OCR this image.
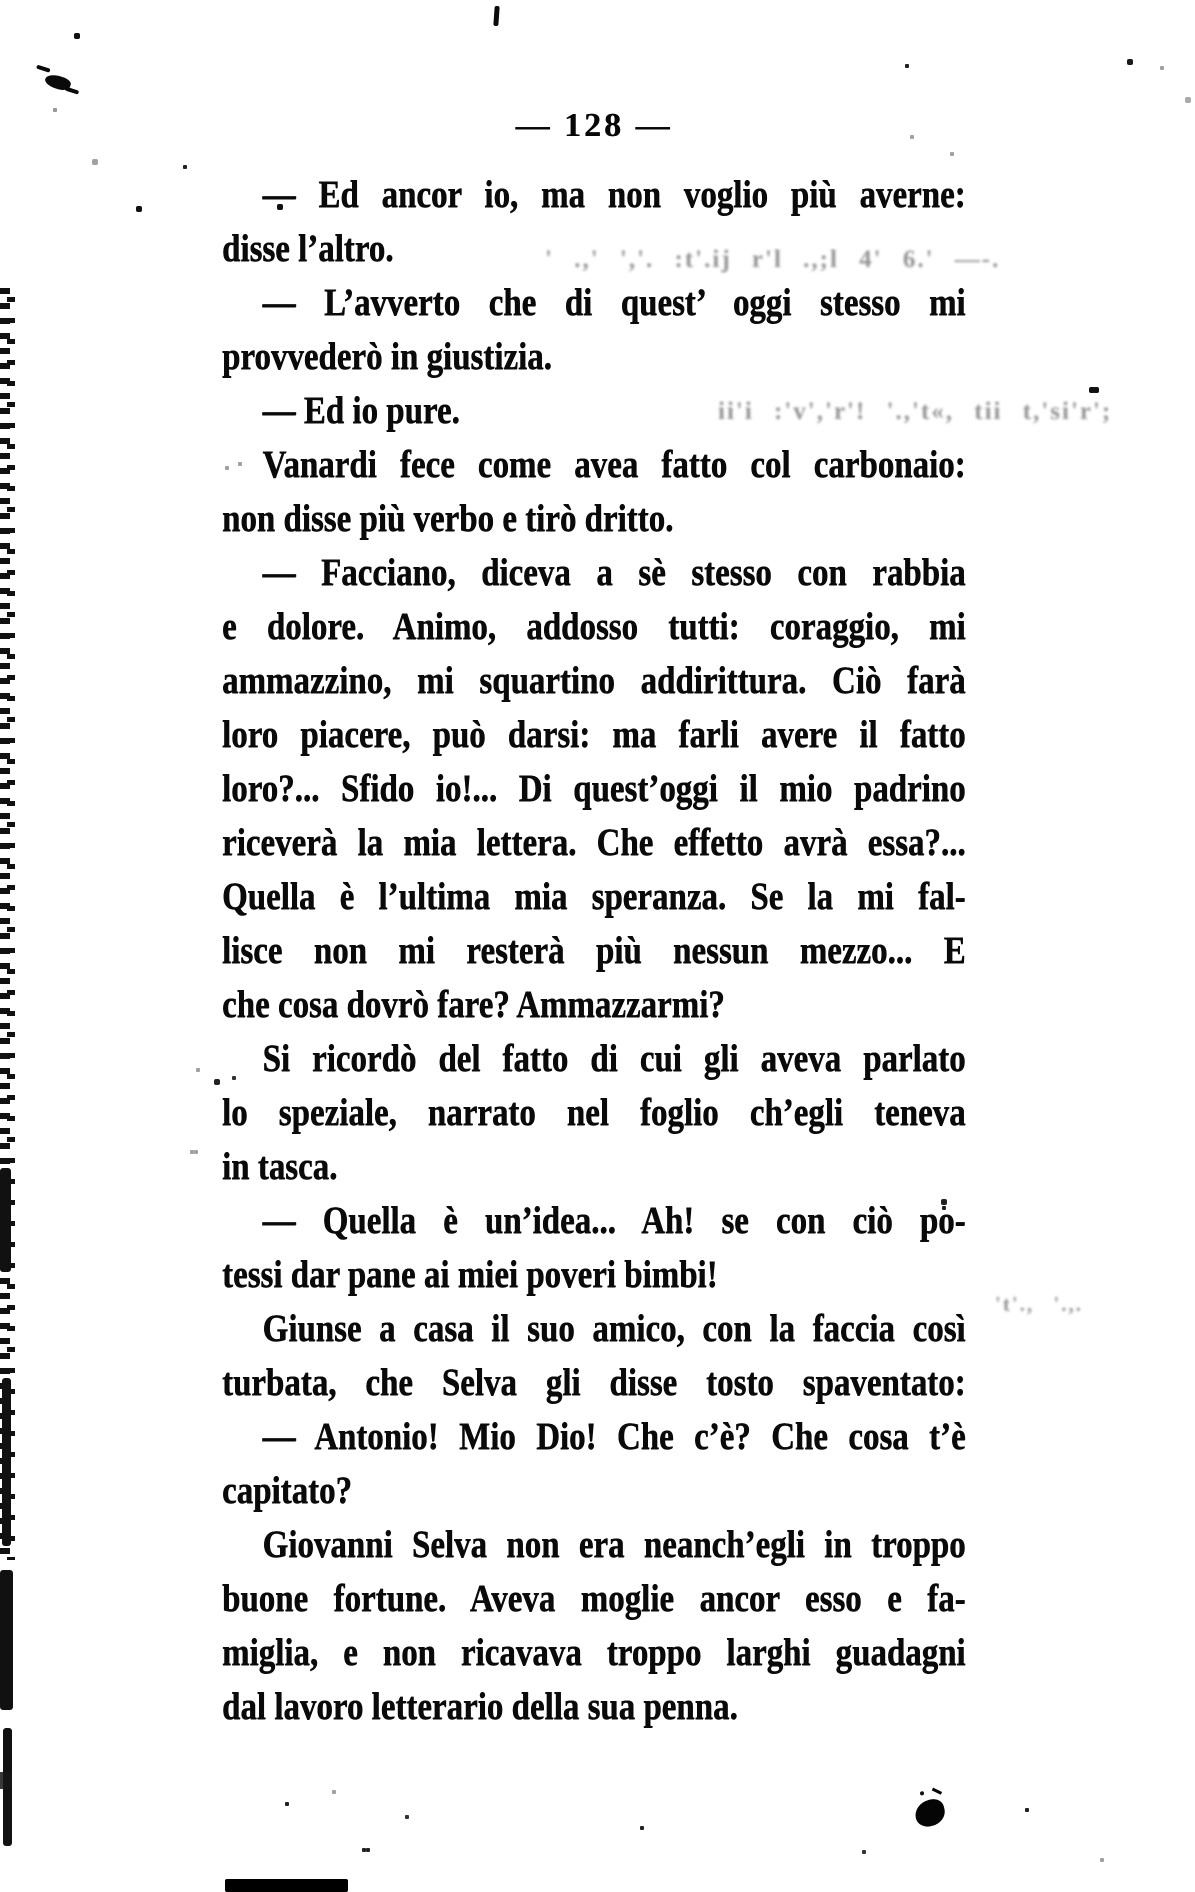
— 128 —
— Ed ancor io, ma non voglio più averne:
disse l’altro.
— L’avverto che di quest’ oggi stesso mi
provvederò in giustizia.
— Ed io pure.
Vanardi fece come avea fatto col carbonaio:
non disse più verbo e tirò dritto.
— Facciano, diceva a sè stesso con rabbia
e dolore. Animo, addosso tutti: coraggio, mi
ammazzino, mi squartino addirittura. Ciò farà
loro piacere, può darsi: ma farli avere il fatto
loro?... Sfido io!... Di quest’oggi il mio padrino
riceverà la mia lettera. Che effetto avrà essa?...
Quella è l’ultima mia speranza. Se la mi fal-
lisce non mi resterà più nessun mezzo... E
che cosa dovrò fare? Ammazzarmi?
Si ricordò del fatto di cui gli aveva parlato
lo speziale, narrato nel foglio ch’egli teneva
in tasca.
— Quella è un’idea... Ah! se con ciò po-
tessi dar pane ai miei poveri bimbi!
Giunse a casa il suo amico, con la faccia così
turbata, che Selva gli disse tosto spaventato:
— Antonio! Mio Dio! Che c’è? Che cosa t’è
capitato?
Giovanni Selva non era neanch’egli in troppo
buone fortune. Aveva moglie ancor esso e fa-
miglia, e non ricavava troppo larghi guadagni
dal lavoro letterario della sua penna.
' .,' ','. :t'.ij r'l .,;l 4' 6.' —-.
ii'i :'v','r'! '.,'t«, tii t,'si'r';
't'., '.,.
